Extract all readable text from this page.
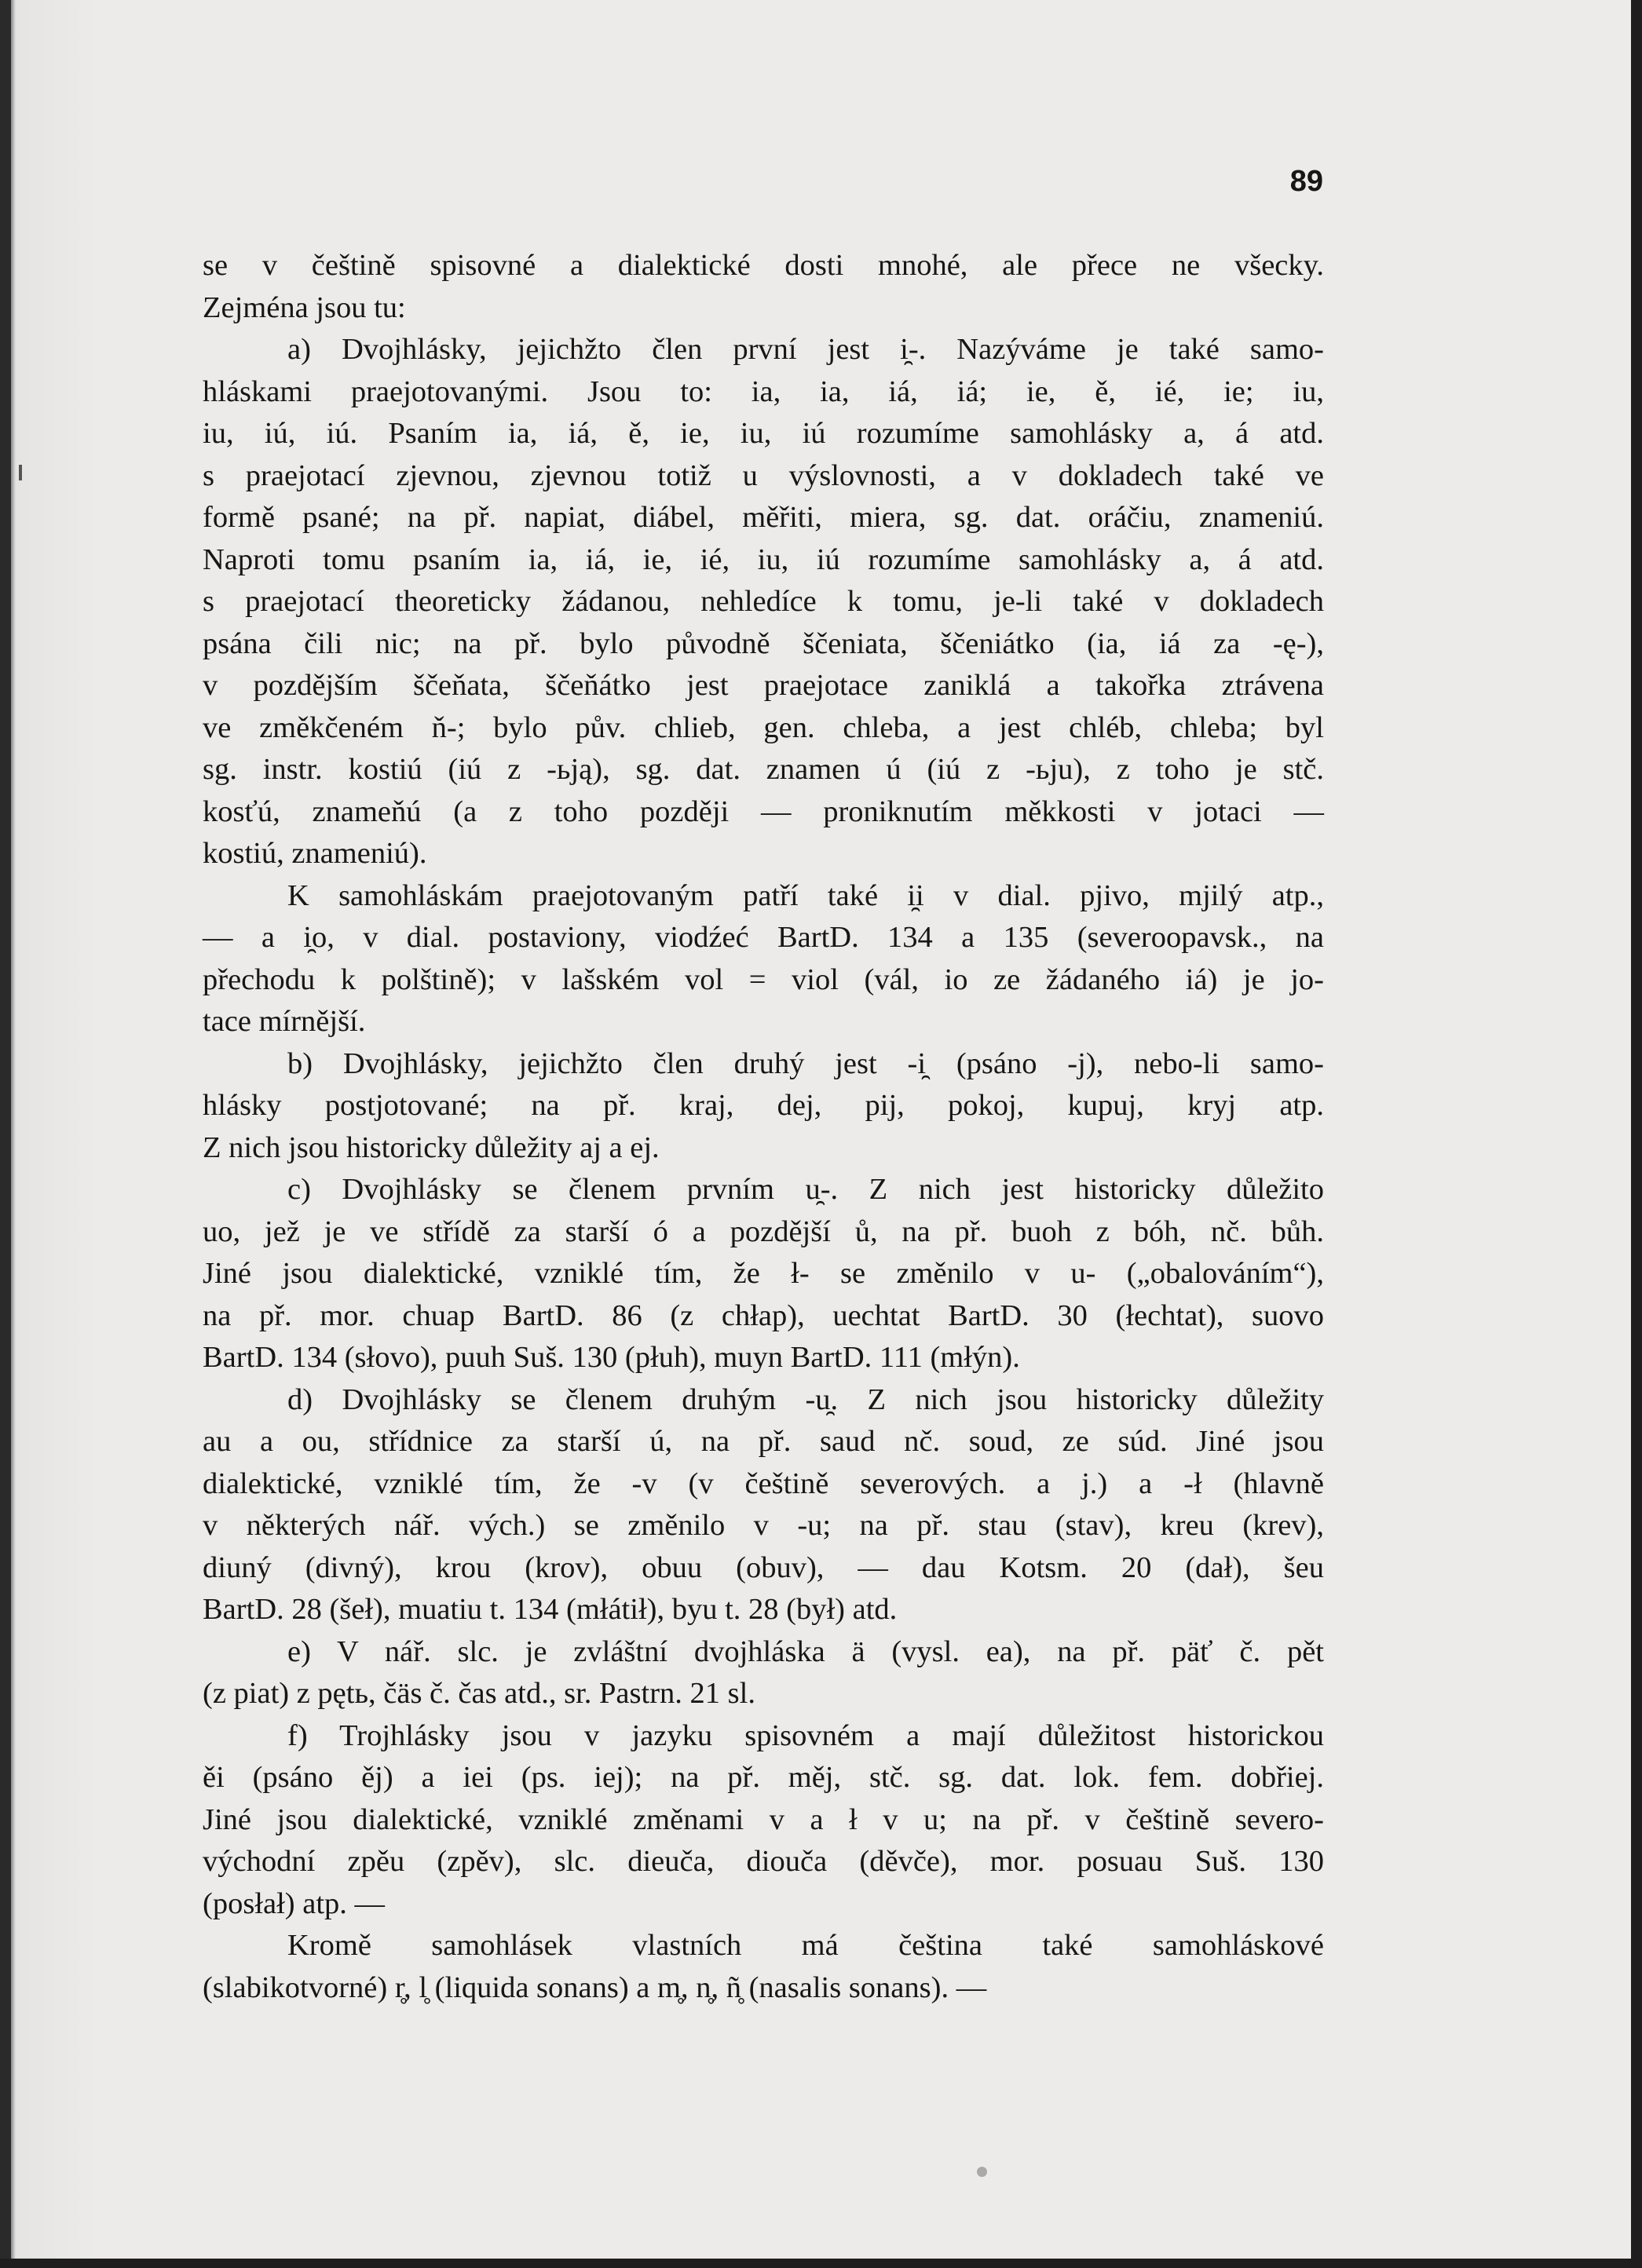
89
se v češtině spisovné a dialektické dosti mnohé, ale přece ne všecky.
Zejména jsou tu:
a) Dvojhlásky, jejichžto člen první jest i̯-. Nazýváme je také samo-
hláskami praejotovanými. Jsou to: ia, ia, iá, iá; ie, ě, ié, ie; iu,
iu, iú, iú. Psaním ia, iá, ě, ie, iu, iú rozumíme samohlásky a, á atd.
s praejotací zjevnou, zjevnou totiž u výslovnosti, a v dokladech také ve
formě psané; na př. napiat, diábel, měřiti, miera, sg. dat. oráčiu, znameniú.
Naproti tomu psaním ia, iá, ie, ié, iu, iú rozumíme samohlásky a, á atd.
s praejotací theoreticky žádanou, nehledíce k tomu, je-li také v dokladech
psána čili nic; na př. bylo původně ščeniata, ščeniátko (ia, iá za -ę-),
v pozdějším ščeňata, ščeňátko jest praejotace zaniklá a takořka ztrávena
ve změkčeném ň-; bylo pův. chlieb, gen. chleba, a jest chléb, chleba; byl
sg. instr. kostiú (iú z -ьją), sg. dat. znamen ú (iú z -ьju), z toho je stč.
kosťú, znameňú (a z toho později — proniknutím měkkosti v jotaci —
kostiú, znameniú).
K samohláskám praejotovaným patří také i̯i v dial. pjivo, mjilý atp.,
— a i̯o, v dial. postaviony, viodźeć BartD. 134 a 135 (severoopavsk., na
přechodu k polštině); v lašském vol = viol (vál, io ze žádaného iá) je jo-
tace mírnější.
b) Dvojhlásky, jejichžto člen druhý jest -i̯ (psáno -j), nebo-li samo-
hlásky postjotované; na př. kraj, dej, pij, pokoj, kupuj, kryj atp.
Z nich jsou historicky důležity aj a ej.
c) Dvojhlásky se členem prvním u̯-. Z nich jest historicky důležito
uo, jež je ve střídě za starší ó a pozdější ů, na př. buoh z bóh, nč. bůh.
Jiné jsou dialektické, vzniklé tím, že ł- se změnilo v u- („obalováním“),
na př. mor. chuap BartD. 86 (z chłap), uechtat BartD. 30 (łechtat), suovo
BartD. 134 (słovo), puuh Suš. 130 (płuh), muyn BartD. 111 (młýn).
d) Dvojhlásky se členem druhým -u̯. Z nich jsou historicky důležity
au a ou, střídnice za starší ú, na př. saud nč. soud, ze súd. Jiné jsou
dialektické, vzniklé tím, že -v (v češtině severových. a j.) a -ł (hlavně
v některých nář. vých.) se změnilo v -u; na př. stau (stav), kreu (krev),
diuný (divný), krou (krov), obuu (obuv), — dau Kotsm. 20 (dał), šeu
BartD. 28 (šeł), muatiu t. 134 (młátił), byu t. 28 (był) atd.
e) V nář. slc. je zvláštní dvojhláska ä (vysl. ea), na př. päť č. pět
(z piat) z pętь, čäs č. čas atd., sr. Pastrn. 21 sl.
f) Trojhlásky jsou v jazyku spisovném a mají důležitost historickou
ěi (psáno ěj) a iei (ps. iej); na př. měj, stč. sg. dat. lok. fem. dobřiej.
Jiné jsou dialektické, vzniklé změnami v a ł v u; na př. v češtině severo-
východní zpěu (zpěv), slc. dieuča, diouča (děvče), mor. posuau Suš. 130
(posłał) atp. —
Kromě samohlásek vlastních má čeština také samohláskové
(slabikotvorné) r̥, l̥ (liquida sonans) a m̥, n̥, ñ̥ (nasalis sonans). —
